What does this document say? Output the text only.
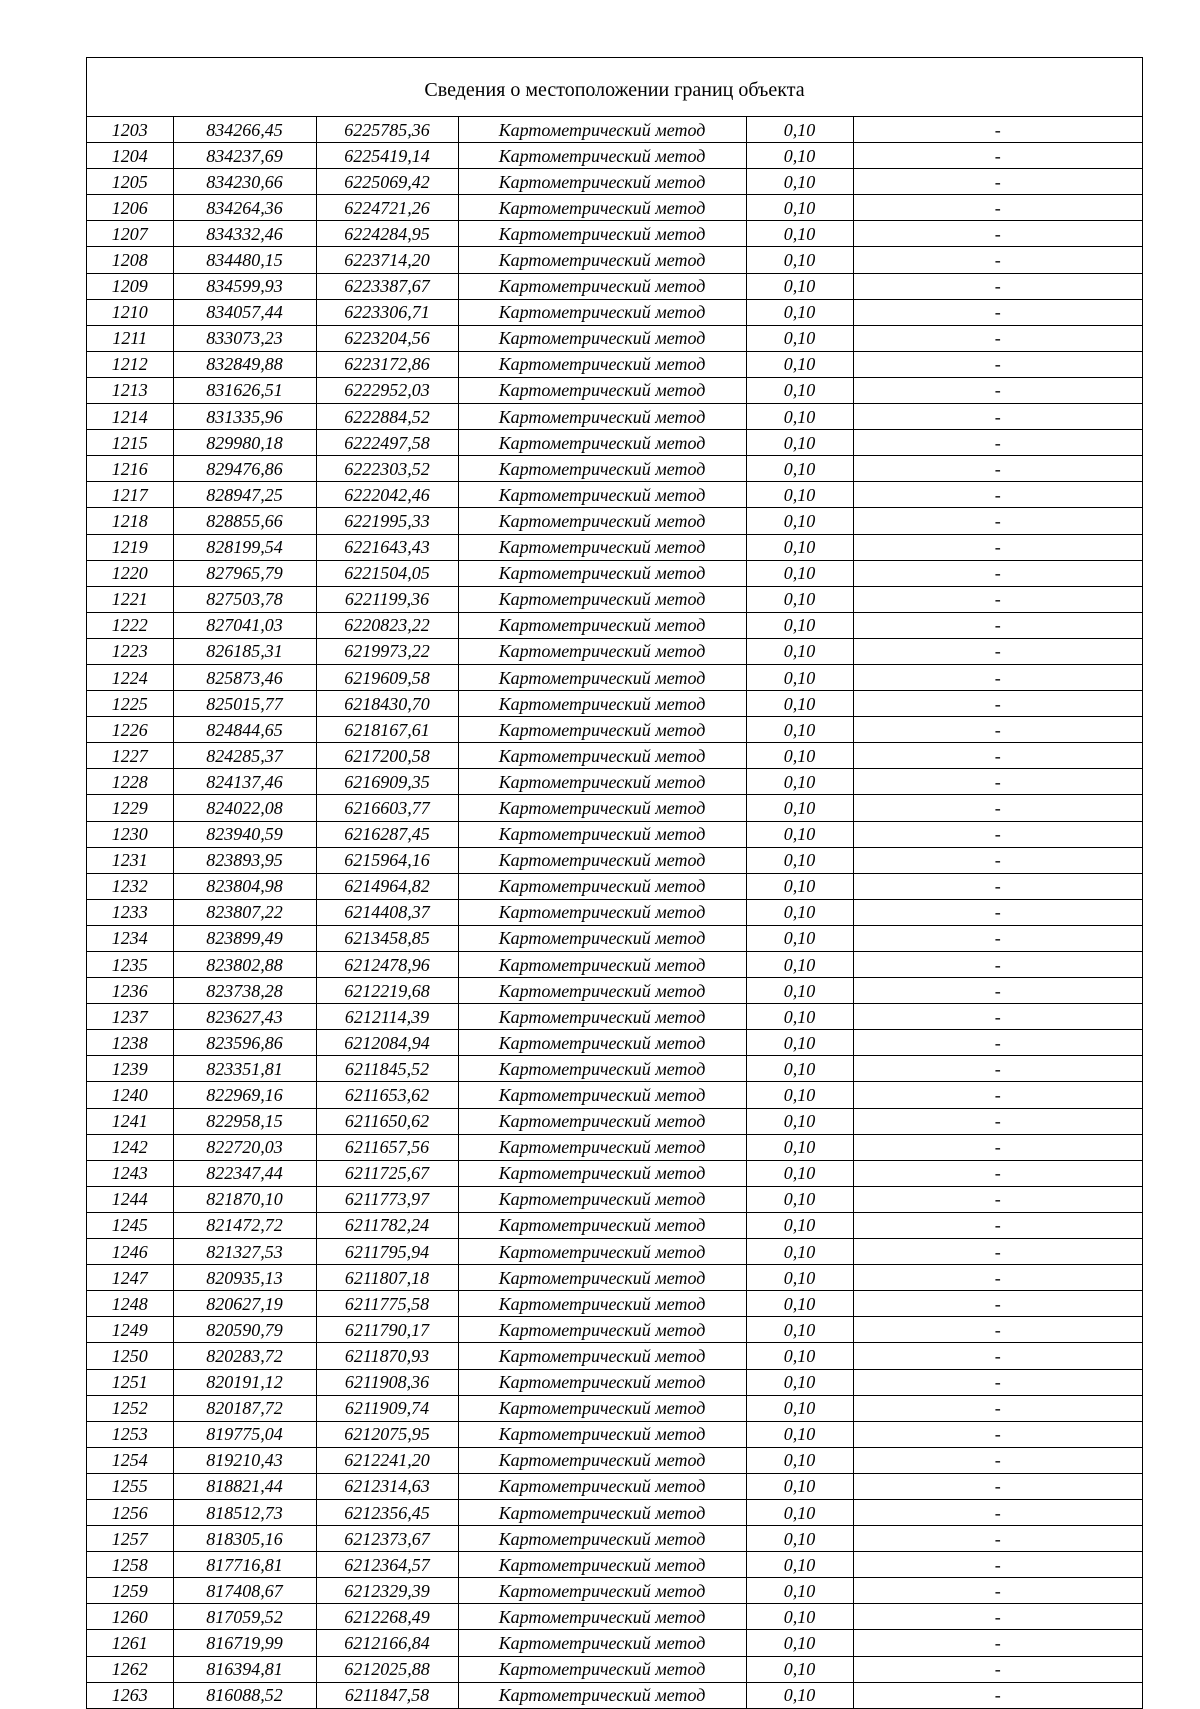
Сведения о местоположении границ объекта
1203	834266,45	6225785,36	Картометрический метод	0,10	-
1204	834237,69	6225419,14	Картометрический метод	0,10	-
1205	834230,66	6225069,42	Картометрический метод	0,10	-
1206	834264,36	6224721,26	Картометрический метод	0,10	-
1207	834332,46	6224284,95	Картометрический метод	0,10	-
1208	834480,15	6223714,20	Картометрический метод	0,10	-
1209	834599,93	6223387,67	Картометрический метод	0,10	-
1210	834057,44	6223306,71	Картометрический метод	0,10	-
1211	833073,23	6223204,56	Картометрический метод	0,10	-
1212	832849,88	6223172,86	Картометрический метод	0,10	-
1213	831626,51	6222952,03	Картометрический метод	0,10	-
1214	831335,96	6222884,52	Картометрический метод	0,10	-
1215	829980,18	6222497,58	Картометрический метод	0,10	-
1216	829476,86	6222303,52	Картометрический метод	0,10	-
1217	828947,25	6222042,46	Картометрический метод	0,10	-
1218	828855,66	6221995,33	Картометрический метод	0,10	-
1219	828199,54	6221643,43	Картометрический метод	0,10	-
1220	827965,79	6221504,05	Картометрический метод	0,10	-
1221	827503,78	6221199,36	Картометрический метод	0,10	-
1222	827041,03	6220823,22	Картометрический метод	0,10	-
1223	826185,31	6219973,22	Картометрический метод	0,10	-
1224	825873,46	6219609,58	Картометрический метод	0,10	-
1225	825015,77	6218430,70	Картометрический метод	0,10	-
1226	824844,65	6218167,61	Картометрический метод	0,10	-
1227	824285,37	6217200,58	Картометрический метод	0,10	-
1228	824137,46	6216909,35	Картометрический метод	0,10	-
1229	824022,08	6216603,77	Картометрический метод	0,10	-
1230	823940,59	6216287,45	Картометрический метод	0,10	-
1231	823893,95	6215964,16	Картометрический метод	0,10	-
1232	823804,98	6214964,82	Картометрический метод	0,10	-
1233	823807,22	6214408,37	Картометрический метод	0,10	-
1234	823899,49	6213458,85	Картометрический метод	0,10	-
1235	823802,88	6212478,96	Картометрический метод	0,10	-
1236	823738,28	6212219,68	Картометрический метод	0,10	-
1237	823627,43	6212114,39	Картометрический метод	0,10	-
1238	823596,86	6212084,94	Картометрический метод	0,10	-
1239	823351,81	6211845,52	Картометрический метод	0,10	-
1240	822969,16	6211653,62	Картометрический метод	0,10	-
1241	822958,15	6211650,62	Картометрический метод	0,10	-
1242	822720,03	6211657,56	Картометрический метод	0,10	-
1243	822347,44	6211725,67	Картометрический метод	0,10	-
1244	821870,10	6211773,97	Картометрический метод	0,10	-
1245	821472,72	6211782,24	Картометрический метод	0,10	-
1246	821327,53	6211795,94	Картометрический метод	0,10	-
1247	820935,13	6211807,18	Картометрический метод	0,10	-
1248	820627,19	6211775,58	Картометрический метод	0,10	-
1249	820590,79	6211790,17	Картометрический метод	0,10	-
1250	820283,72	6211870,93	Картометрический метод	0,10	-
1251	820191,12	6211908,36	Картометрический метод	0,10	-
1252	820187,72	6211909,74	Картометрический метод	0,10	-
1253	819775,04	6212075,95	Картометрический метод	0,10	-
1254	819210,43	6212241,20	Картометрический метод	0,10	-
1255	818821,44	6212314,63	Картометрический метод	0,10	-
1256	818512,73	6212356,45	Картометрический метод	0,10	-
1257	818305,16	6212373,67	Картометрический метод	0,10	-
1258	817716,81	6212364,57	Картометрический метод	0,10	-
1259	817408,67	6212329,39	Картометрический метод	0,10	-
1260	817059,52	6212268,49	Картометрический метод	0,10	-
1261	816719,99	6212166,84	Картометрический метод	0,10	-
1262	816394,81	6212025,88	Картометрический метод	0,10	-
1263	816088,52	6211847,58	Картометрический метод	0,10	-
